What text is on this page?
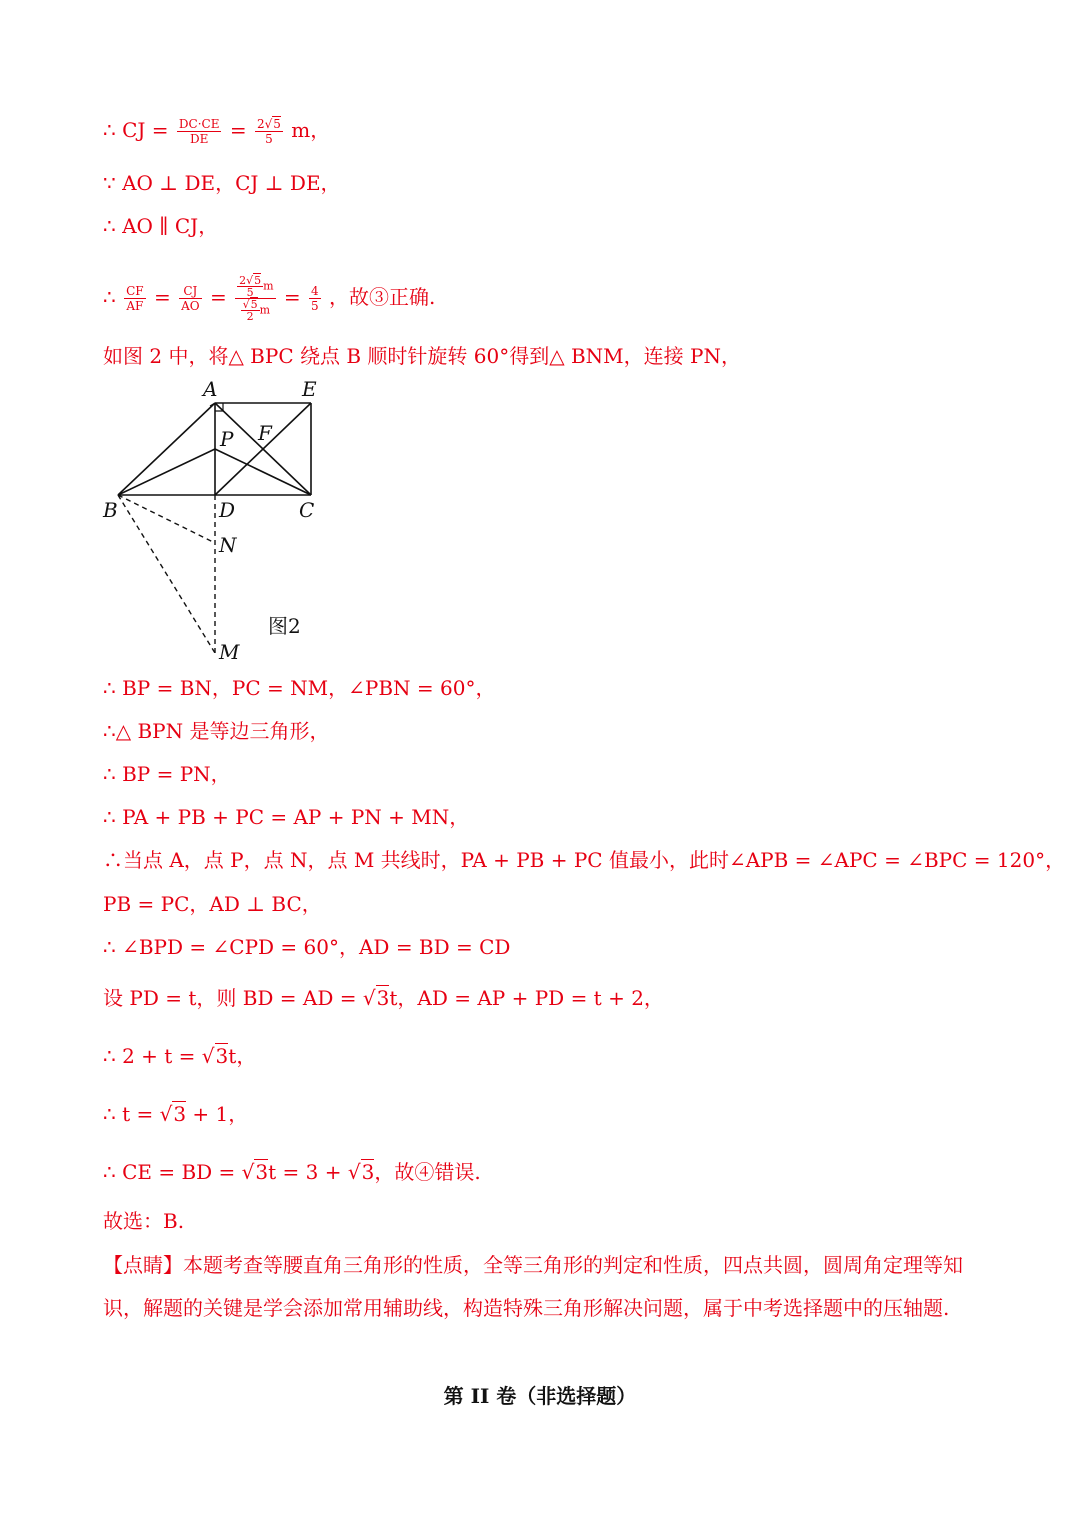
∴ CJ = $\frac{DC\cdot CE}{DE} = \frac{2√5}{5}$ m，
∵ AO ⊥ DE，CJ ⊥ DE，
∴ AO ∥ CJ，
∴ $\frac{CF}{AF} = \frac{CJ}{AO} = \frac{\frac{2√5}{5} m}{\frac{√5}{2} m} = \frac{4}{5}$ ，故③正确.
如图 2 中，将△ BPC 绕点 B 顺时针旋转 60°得到△ BNM，连接 PN，
A	E
P F
B	D	C
N
M
图2
∴ BP = BN，PC = NM，∠PBN = 60°，
∴△ BPN 是等边三角形，
∴ BP = PN，
∴ PA + PB + PC = AP + PN + MN，
∴当点 A，点 P，点 N，点 M 共线时，PA + PB + PC 值最小，此时∠APB = ∠APC = ∠BPC = 120°，
PB = PC，AD ⊥ BC，
∴ ∠BPD = ∠CPD = 60°，AD = BD = CD
设 PD = t，则 BD = AD = √3t，AD = AP + PD = t + 2，
∴ 2 + t = √3t，
∴ t = √3 + 1，
∴ CE = BD = √3t = 3 + √3，故④错误.
故选：B.
【点睛】本题考查等腰直角三角形的性质，全等三角形的判定和性质，四点共圆，圆周角定理等知识，解题的关键是学会添加常用辅助线，构造特殊三角形解决问题，属于中考选择题中的压轴题.
第 II 卷（非选择题）
